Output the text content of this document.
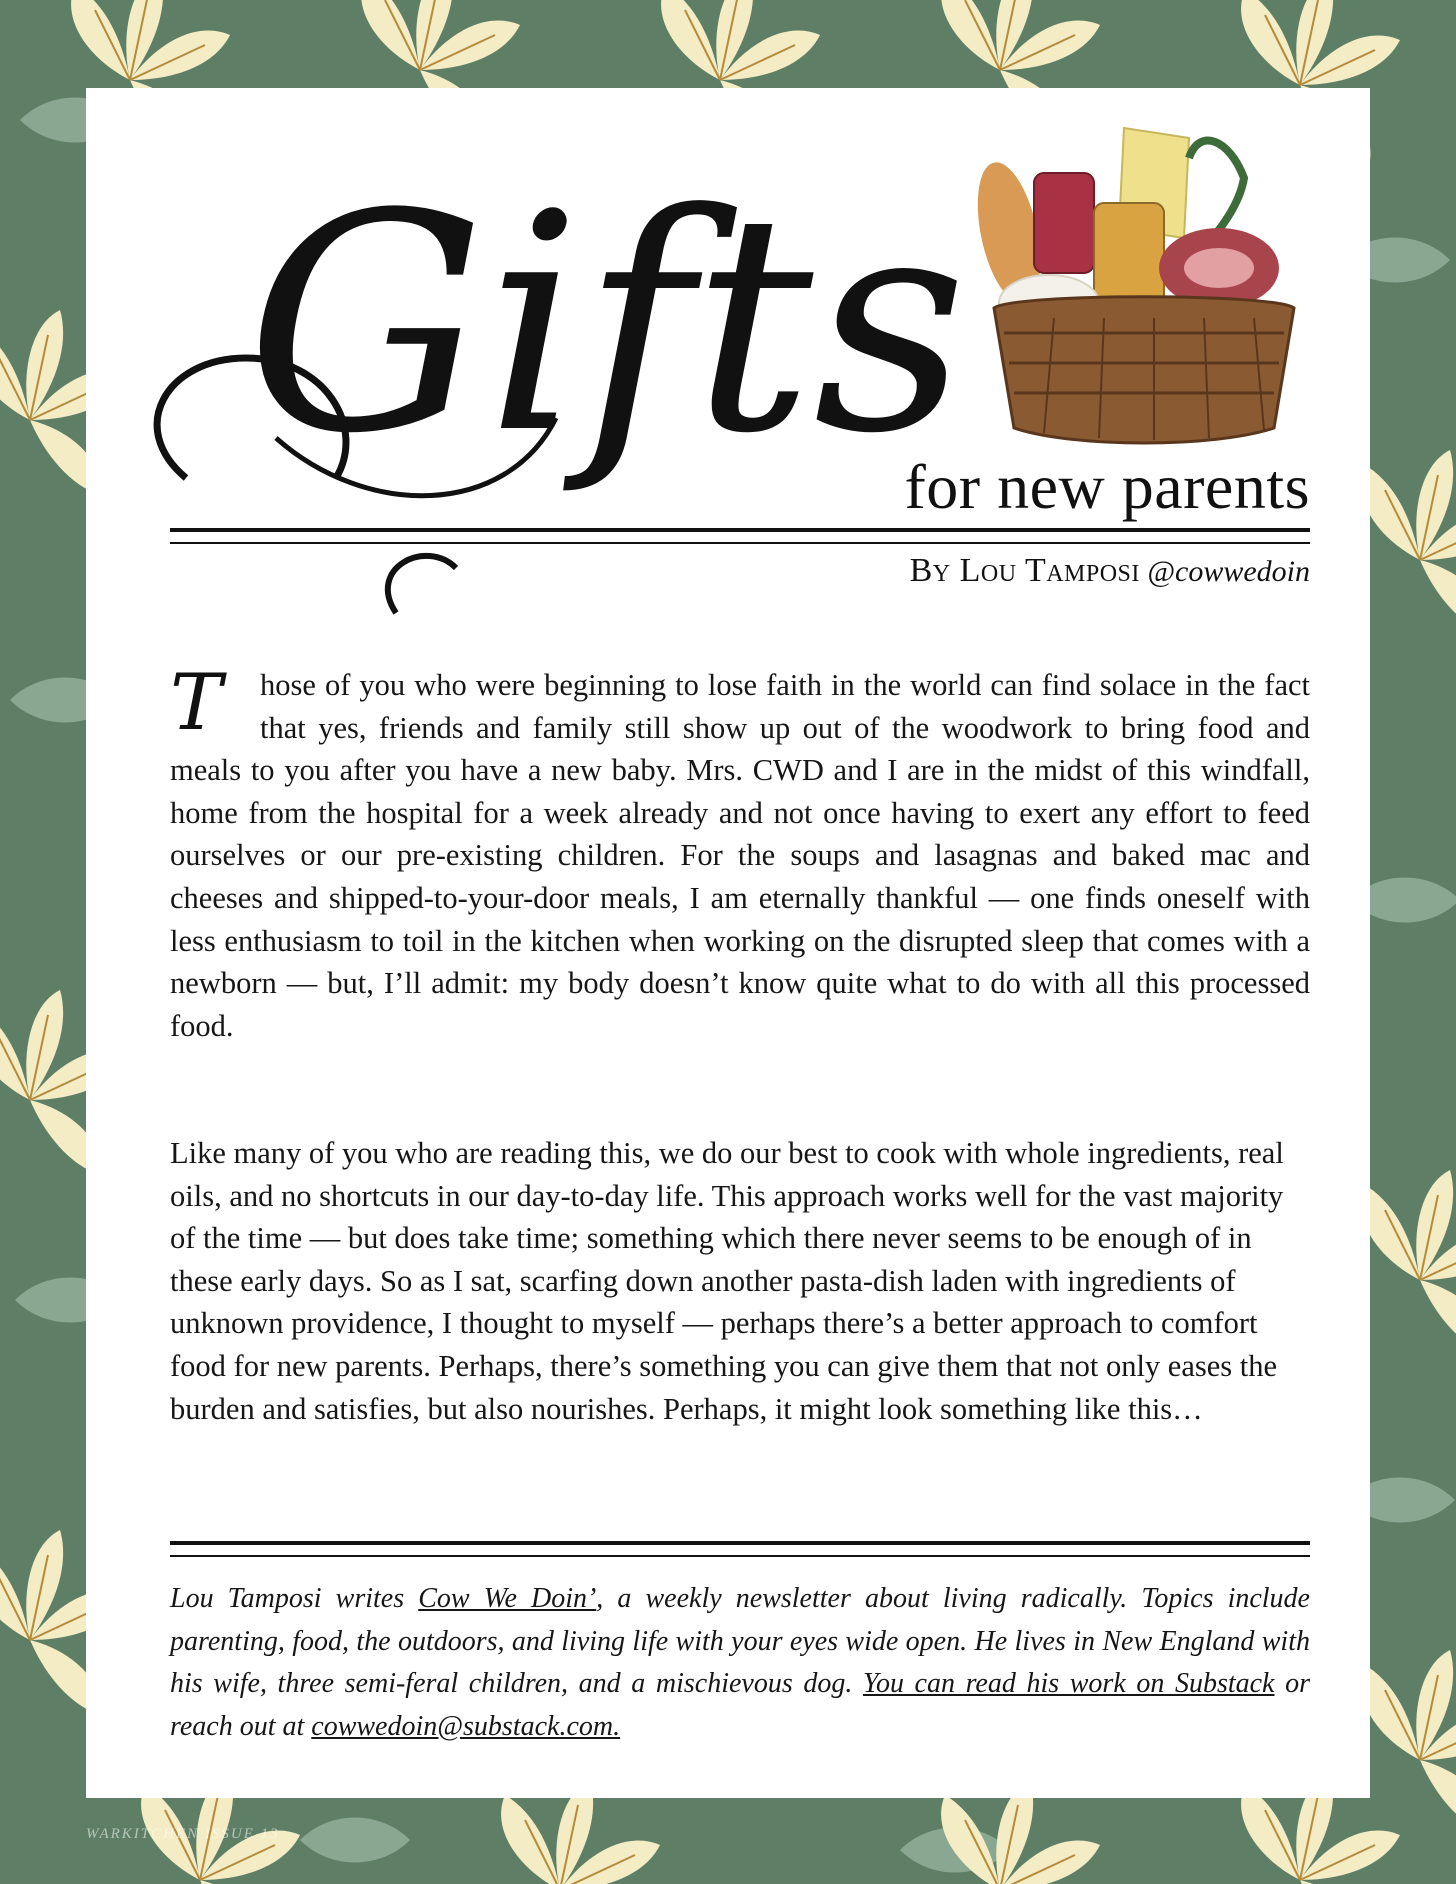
Gifts
for new parents
By Lou Tamposi @cowwedoin

T	hose of you who were beginning to lose faith in the world can find solace in the fact that yes, friends and family still show up out of the woodwork to bring food and meals to you after you have a new baby. Mrs. CWD and I are in the midst of this windfall, home from the hospital for a week already and not once having to exert any effort to feed ourselves or our pre-existing children. For the soups and lasagnas and baked mac and cheeses and shipped-to-your-door meals, I am eternally thankful — one finds oneself with less enthusiasm to toil in the kitchen when working on the disrupted sleep that comes with a newborn — but, I’ll admit: my body doesn’t know quite what to do with all this processed food.

Like many of you who are reading this, we do our best to cook with whole ingredients, real oils, and no shortcuts in our day-to-day life. This approach works well for the vast majority of the time — but does take time; something which there never seems to be enough of in these early days. So as I sat, scarfing down another pasta-dish laden with ingredients of unknown providence, I thought to myself — perhaps there’s a better approach to comfort food for new parents. Perhaps, there’s something you can give them that not only eases the burden and satisfies, but also nourishes. Perhaps, it might look something like this…

Lou Tamposi writes Cow We Doin’, a weekly newsletter about living radically. Topics include parenting, food, the outdoors, and living life with your eyes wide open. He lives in New England with his wife, three semi-feral children, and a mischievous dog. You can read his work on Substack or reach out at cowwedoin@substack.com.

WARKITCHEN ISSUE 13
